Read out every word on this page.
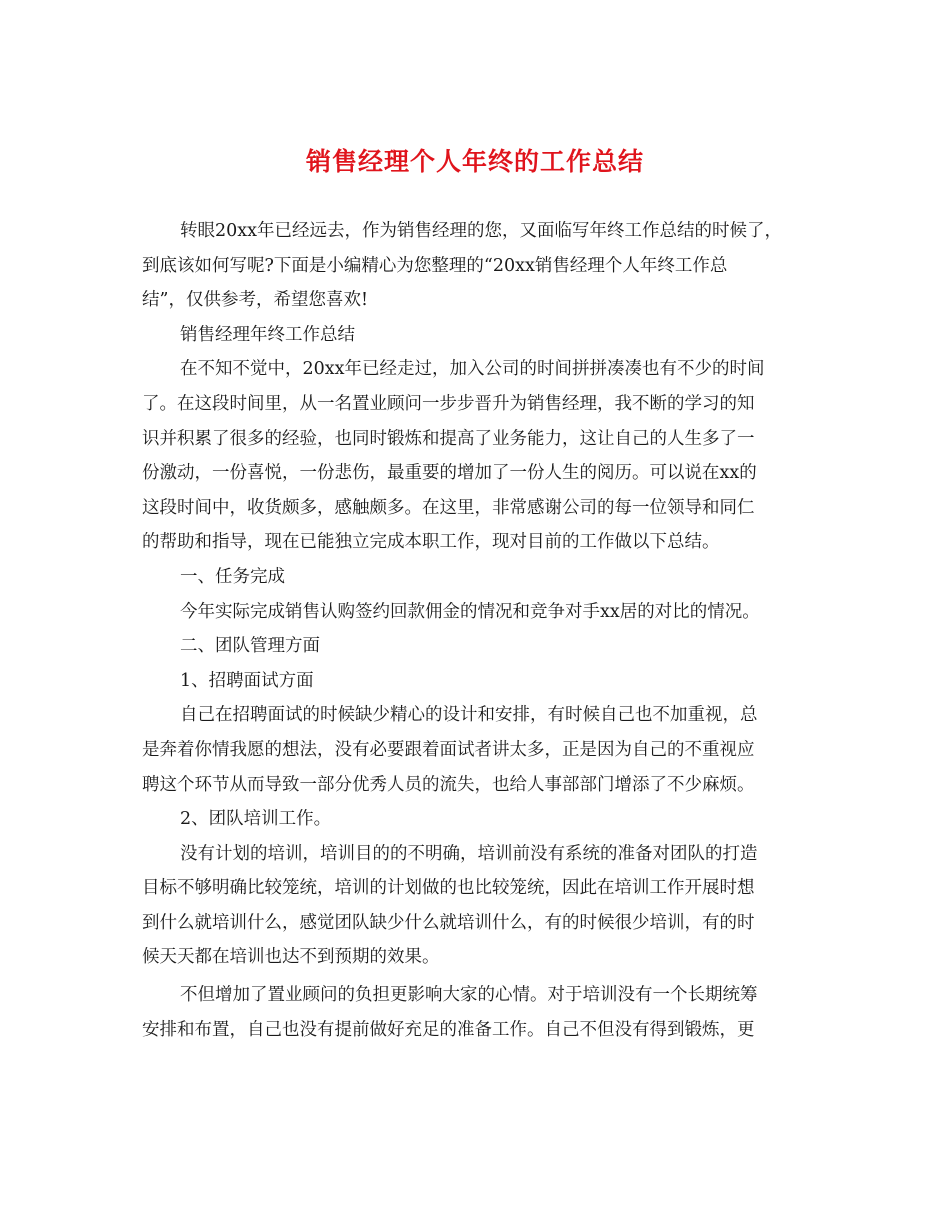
销售经理个人年终的工作总结
转眼20xx年已经远去，作为销售经理的您，又面临写年终工作总结的时候了，
到底该如何写呢?下面是小编精心为您整理的“20xx销售经理个人年终工作总
结”，仅供参考，希望您喜欢!
销售经理年终工作总结
在不知不觉中，20xx年已经走过，加入公司的时间拼拼凑凑也有不少的时间
了。在这段时间里，从一名置业顾问一步步晋升为销售经理，我不断的学习的知
识并积累了很多的经验，也同时锻炼和提高了业务能力，这让自己的人生多了一
份激动，一份喜悦，一份悲伤，最重要的增加了一份人生的阅历。可以说在xx的
这段时间中，收货颇多，感触颇多。在这里，非常感谢公司的每一位领导和同仁
的帮助和指导，现在已能独立完成本职工作，现对目前的工作做以下总结。
一、任务完成
今年实际完成销售认购签约回款佣金的情况和竞争对手xx居的对比的情况。
二、团队管理方面
1、招聘面试方面
自己在招聘面试的时候缺少精心的设计和安排，有时候自己也不加重视，总
是奔着你情我愿的想法，没有必要跟着面试者讲太多，正是因为自己的不重视应
聘这个环节从而导致一部分优秀人员的流失，也给人事部部门增添了不少麻烦。
2、团队培训工作。
没有计划的培训，培训目的的不明确，培训前没有系统的准备对团队的打造
目标不够明确比较笼统，培训的计划做的也比较笼统，因此在培训工作开展时想
到什么就培训什么，感觉团队缺少什么就培训什么，有的时候很少培训，有的时
候天天都在培训也达不到预期的效果。
不但增加了置业顾问的负担更影响大家的心情。对于培训没有一个长期统筹
安排和布置，自己也没有提前做好充足的准备工作。自己不但没有得到锻炼，更
